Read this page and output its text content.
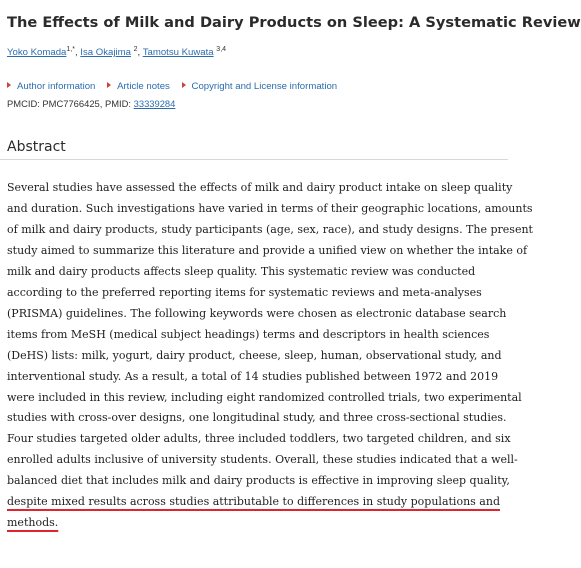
The Effects of Milk and Dairy Products on Sleep: A Systematic Review
Yoko Komada$^{1,*}$, Isa Okajima $^2$, Tamotsu Kuwata $^{3,4}$
Author information Article notes Copyright and License information
PMCID: PMC7766425, PMID: 33339284
Abstract

Several studies have assessed the effects of milk and dairy product intake on sleep quality
and duration. Such investigations have varied in terms of their geographic locations, amounts
of milk and dairy products, study participants (age, sex, race), and study designs. The present
study aimed to summarize this literature and provide a unified view on whether the intake of
milk and dairy products affects sleep quality. This systematic review was conducted
according to the preferred reporting items for systematic reviews and meta-analyses
(PRISMA) guidelines. The following keywords were chosen as electronic database search
items from MeSH (medical subject headings) terms and descriptors in health sciences
(DeHS) lists: milk, yogurt, dairy product, cheese, sleep, human, observational study, and
interventional study. As a result, a total of 14 studies published between 1972 and 2019
were included in this review, including eight randomized controlled trials, two experimental
studies with cross-over designs, one longitudinal study, and three cross-sectional studies.
Four studies targeted older adults, three included toddlers, two targeted children, and six
enrolled adults inclusive of university students. Overall, these studies indicated that a well-
balanced diet that includes milk and dairy products is effective in improving sleep quality,
despite mixed results across studies attributable to differences in study populations and
methods.
